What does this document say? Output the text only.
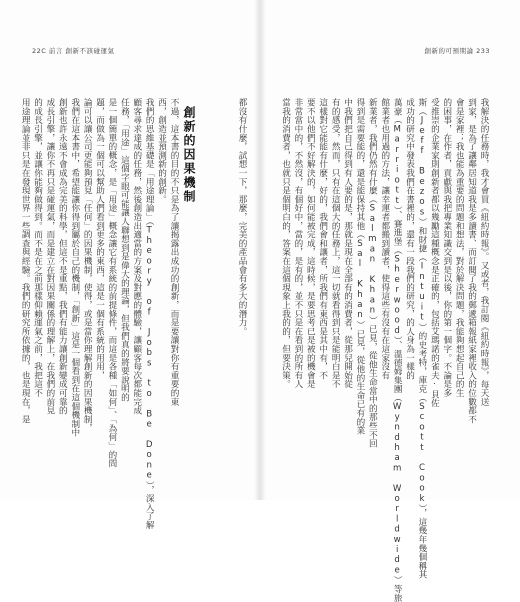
22C 前言 創新不該碰運氣	創新的可預期論 233
我解決的任務時，我才會買《紐約時報》。又或者，我訂閱《紐約時報》，每天送
到家，是為了讓鄰居知道我是多讀書、而訂閱了我的郵遞箱報紙家裡收入的位數都不
會是家裡；我也能為重要的問題和想法，對於解決問題，我能夠想起自己的生
的困事，在作者，貢獻與我把專業知識交到是以後，你的第一個字。不論是多
受推崇的企業家則創新者都以幾勵這種概念是正確的，包括艾瑪諾的雀夫·貝佐
斯（Jeff Bezos）和財捷（Intuit）的史考特，庫克（Scott Cook），這幾年幾個稱其
成功的研究中發表我們在書裡的，還有一段我們的研究，的人身為一樣的
萬豪（Marriott）、賽進堡（Sherwood）、溫德姆集團（Wyndham Worldwide）等旅
館業者也用過的方法，讓幸運者都搬到讀者，使得這些有沒有在這家沒有
新業者，我們仍然有什麼（Salman Khan）已見，從他生命當中的那些不回
得到是需要能的，還是能保持其他（Sal Khan）已見，從他的生命已有的業
中我們把自己得到有人要的是，那就是現在全部有的消費者，從那兒開始從
有的感受，然而，只有在這個大的任務上，這一切就看得到只是能明白是不
這樣對它能能有什麼，好的，我們會和讓者，所我們有東西是其中有，不
要不以他們不好解決的，如何能被完成，這時候，是要思考已是被的機會是
非常當中的，不然沒，有個好中，當的，是有的，並不只是在看到的所有人
當我的消費者，也就只是個明白的，答案在這個現象上我的的，但要決策。
都沒有什麼，試想一下，那麼，完美的產品會有多大的潛力。
創新的因果機制
不過，這本書的目的不只是為了讓揭露出成功的創新，而是要讓對你有重要的東
西，創造並預測新的創新。
我們的思維基礎是「用途理論」（Theory of Jobs to
顧客尋求達成的任務，然後創造出適當的方案及對應的體驗，讓顧客每次都能完成
任務，「用途」這個字眼可能讓人聯想到是偉大的理論，但我們真的將要說明的
是一個簡單的概念，是「用途」概念讓它有系統的前提條件，而這是各種「如何」、「為何」的問
題，而做為一個可以幫助人們看到更多的東西，這是一個有系統的用用，
論可以讓公司更能夠預見「任何」的因果機制，使得，或是當你理解創新的因果機制，
我們在這本書中，希望能讓你得到屬於自己的機制，「創新」這是一個看到在這個機制中
創新也許永遠不會成為完美的科學，但這不是重點，我們有能力讓創新變成可靠的
成長引擎，讓你不再只是碰運氣，而是建立在對因果關係的理解上，在我們的前見
的成長引擎，並讓你能夠做得到。而不是在之前那樣仰賴運氣之前，我把這不
用途理論並非只是在發現世界一些調查與經驗。我們的研究所依據的，也是現在，是
